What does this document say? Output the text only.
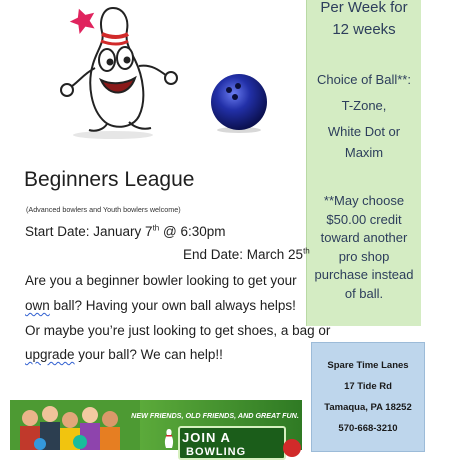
Per Week for
12 weeks
Choice of Ball**:
T-Zone,
White Dot or
Maxim
**May choose
$50.00 credit
toward another
pro shop
purchase instead
of ball.
Beginners League
(Advanced bowlers and Youth bowlers welcome)
Start Date: January 7th @ 6:30pm
End Date: March 25th
Are you a beginner bowler looking to get your
own ball? Having your own ball always helps!
Or maybe you’re just looking to get shoes, a bag or
upgrade your ball? We can help!!
Spare Time Lanes
17 Tide Rd
Tamaqua, PA 18252
570-668-3210
NEW FRIENDS, OLD FRIENDS, AND GREAT FUN.
JOIN A
BOWLING
